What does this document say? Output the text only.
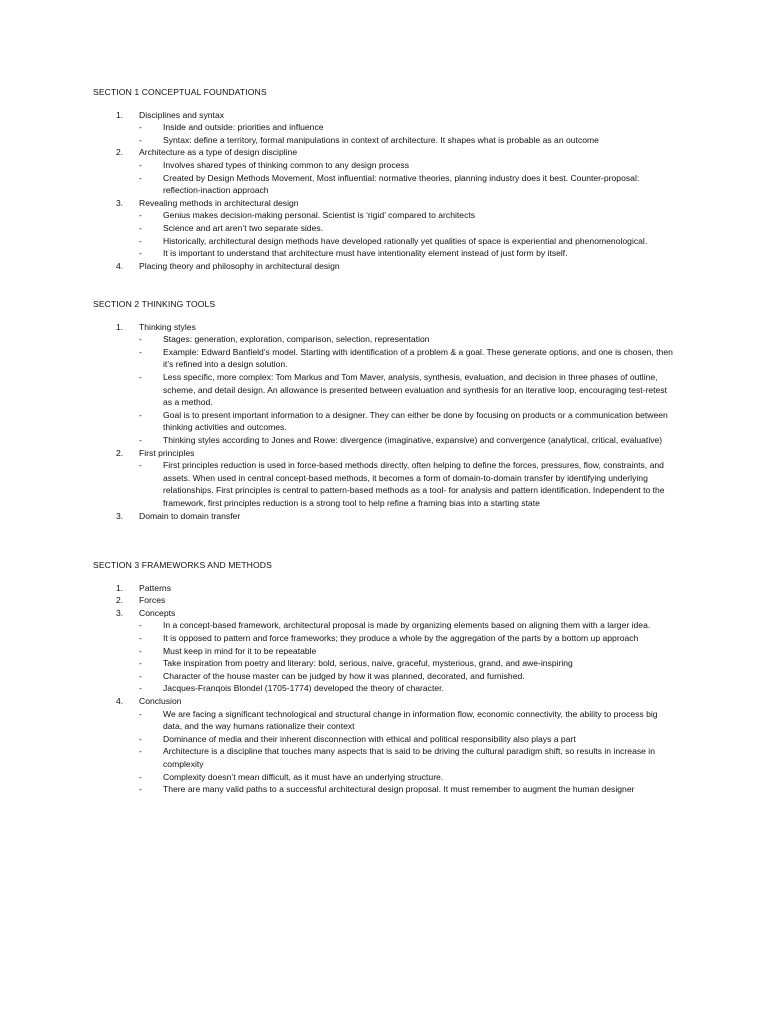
SECTION 1 CONCEPTUAL FOUNDATIONS
1. Disciplines and syntax
- Inside and outside: priorities and influence
- Syntax: define a territory, formal manipulations in context of architecture. It shapes what is probable as an outcome
2. Architecture as a type of design discipline
- Involves shared types of thinking common to any design process
- Created by Design Methods Movement, Most influential: normative theories, planning industry does it best. Counter-proposal: reflection-inaction approach
3. Revealing methods in architectural design
- Genius makes decision-making personal. Scientist is ‘rigid’ compared to architects
- Science and art aren’t two separate sides.
- Historically, architectural design methods have developed rationally yet qualities of space is experiential and phenomenological.
- It is important to understand that architecture must have intentionality element instead of just form by itself.
4. Placing theory and philosophy in architectural design
SECTION 2 THINKING TOOLS
1. Thinking styles
- Stages: generation, exploration, comparison, selection, representation
- Example: Edward Banfield’s model. Starting with identification of a problem & a goal. These generate options, and one is chosen, then it’s refined into a design solution.
- Less specific, more complex: Tom Markus and Tom Maver, analysis, synthesis, evaluation, and decision in three phases of outline, scheme, and detail design. An allowance is presented between evaluation and synthesis for an iterative loop, encouraging test-retest as a method.
- Goal is to present important information to a designer. They can either be done by focusing on products or a communication between thinking activities and outcomes.
- Thinking styles according to Jones and Rowe: divergence (imaginative, expansive) and convergence (analytical, critical, evaluative)
2. First principles
- First principles reduction is used in force-based methods directly, often helping to define the forces, pressures, flow, constraints, and assets. When used in central concept-based methods, it becomes a form of domain-to-domain transfer by identifying underlying relationships. First principles is central to pattern-based methods as a tool- for analysis and pattern identification. Independent to the framework, first principles reduction is a strong tool to help refine a framing bias into a starting state
3. Domain to domain transfer
SECTION 3 FRAMEWORKS AND METHODS
1. Patterns
2. Forces
3. Concepts
- In a concept-based framework, architectural proposal is made by organizing elements based on aligning them with a larger idea.
- It is opposed to pattern and force frameworks; they produce a whole by the aggregation of the parts by a bottom up approach
- Must keep in mind for it to be repeatable
- Take inspiration from poetry and literary: bold, serious, naive, graceful, mysterious, grand, and awe-inspiring
- Character of the house master can be judged by how it was planned, decorated, and furnished.
- Jacques-Franqois Blondel (1705-1774) developed the theory of character.
4. Conclusion
- We are facing a significant technological and structural change in information flow, economic connectivity, the ability to process big data, and the way humans rationalize their context
- Dominance of media and their inherent disconnection with ethical and political responsibility also plays a part
- Architecture is a discipline that touches many aspects that is said to be driving the cultural paradigm shift, so results in increase in complexity
- Complexity doesn’t mean difficult, as it must have an underlying structure.
- There are many valid paths to a successful architectural design proposal. It must remember to augment the human designer
